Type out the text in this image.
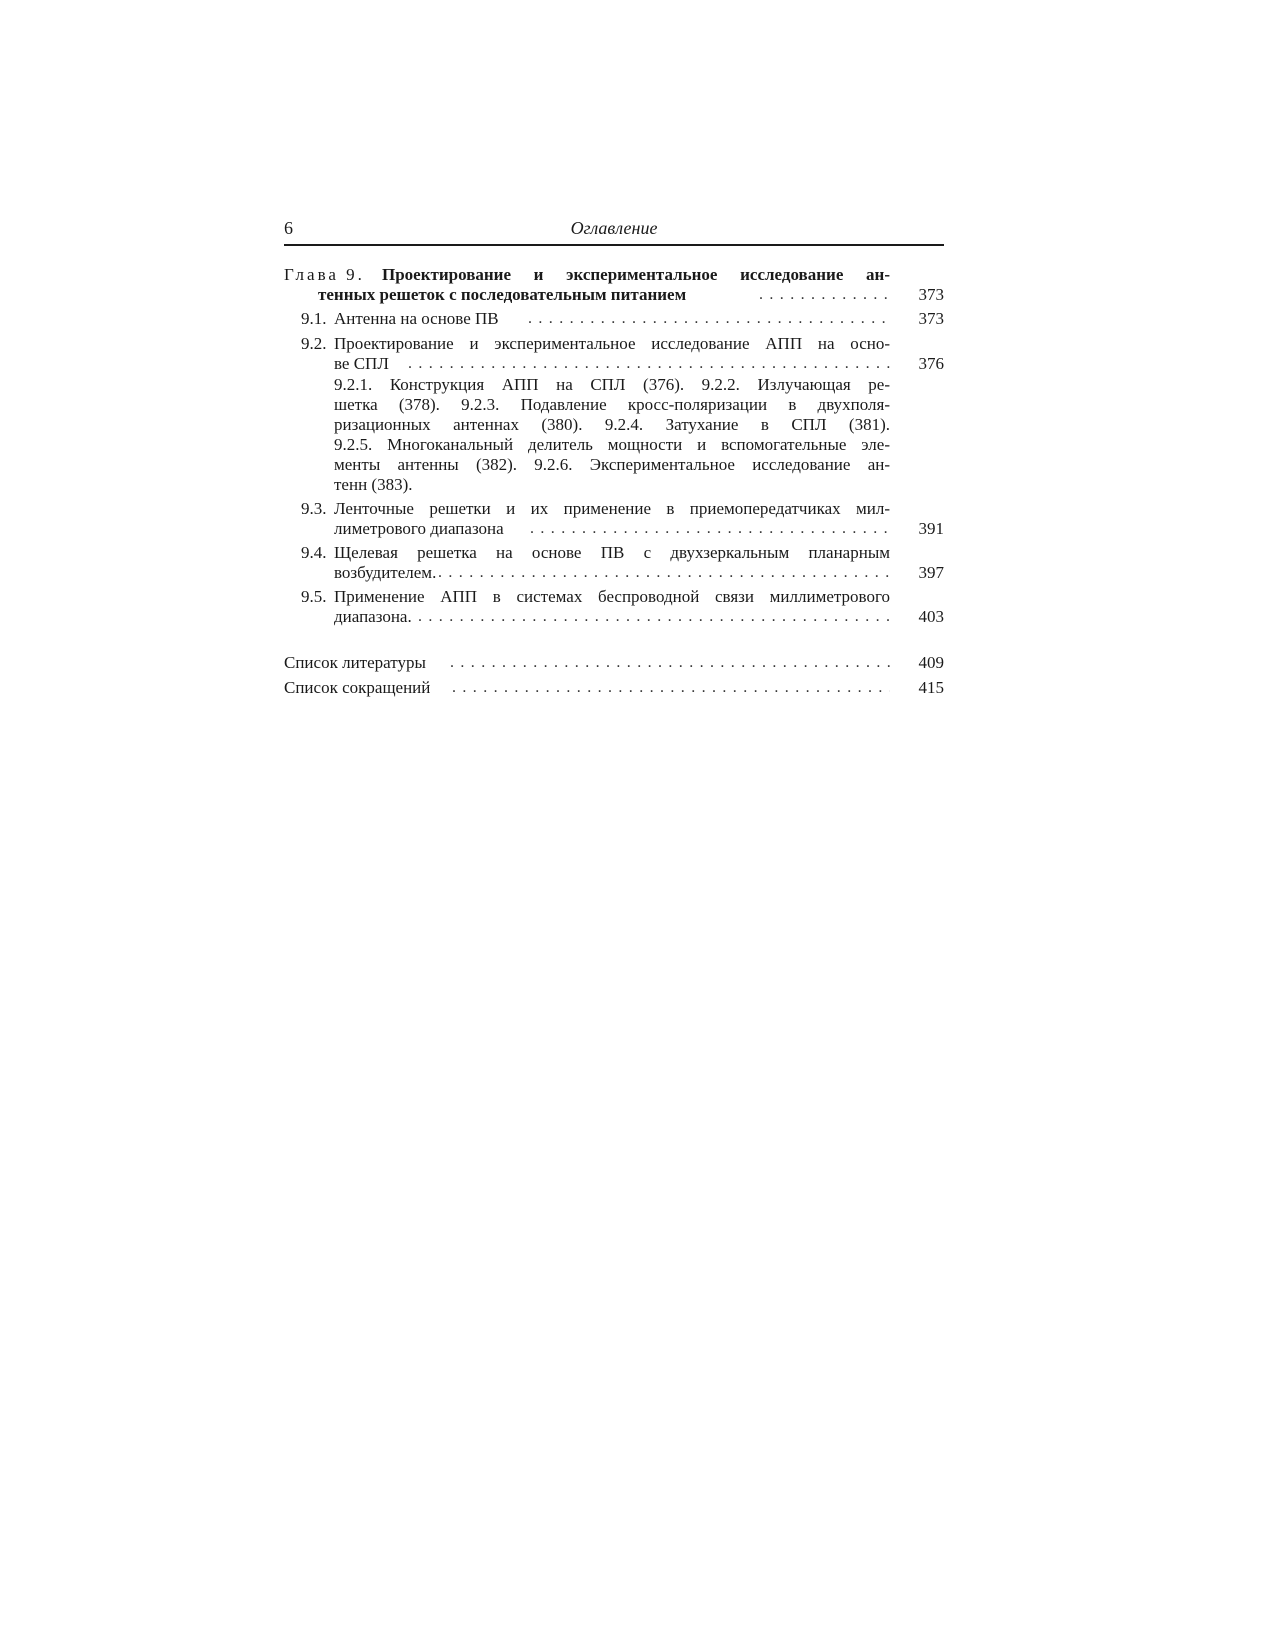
6	Оглавление
Глава 9. Проектирование и экспериментальное исследование ан-
тенных решеток с последовательным питанием . . .	373
9.1. Антенна на основе ПВ . . .	373
9.2. Проектирование и экспериментальное исследование АПП на осно-
ве СПЛ . . .	376
9.2.1. Конструкция АПП на СПЛ (376). 9.2.2. Излучающая ре-
шетка (378). 9.2.3. Подавление кросс-поляризации в двухполя-
ризационных антеннах (380). 9.2.4. Затухание в СПЛ (381).
9.2.5. Многоканальный делитель мощности и вспомогательные эле-
менты антенны (382). 9.2.6. Экспериментальное исследование ан-
тенн (383).
9.3. Ленточные решетки и их применение в приемопередатчиках мил-
лиметрового диапазона . . .	391
9.4. Щелевая решетка на основе ПВ с двухзеркальным планарным
возбудителем. . . .	397
9.5. Применение АПП в системах беспроводной связи миллиметрового
диапазона. . . .	403
Список литературы . . .	409
Список сокращений . . .	415
